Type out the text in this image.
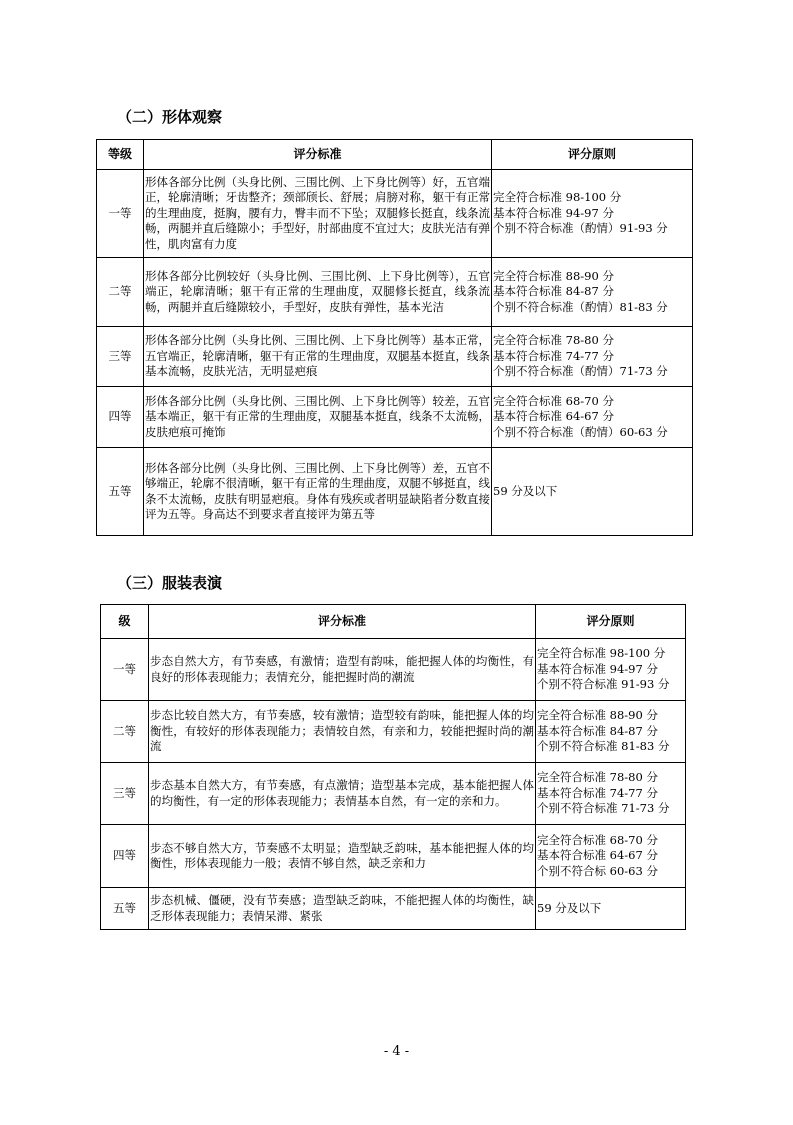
（二）形体观察
等级	评分标准	评分原则
一等	形体各部分比例（头身比例、三围比例、上下身比例等）好，五官端正，轮廓清晰；牙齿整齐；颈部颀长、舒展；肩膀对称，躯干有正常的生理曲度，挺胸，腰有力，臀丰而不下坠；双腿修长挺直，线条流畅，两腿并直后缝隙小；手型好，肘部曲度不宜过大；皮肤光洁有弹性，肌肉富有力度	完全符合标准 98-100 分
基本符合标准 94-97 分
个别不符合标准（酌情）91-93 分

二等	形体各部分比例较好（头身比例、三围比例、上下身比例等），五官端正，轮廓清晰；躯干有正常的生理曲度，双腿修长挺直，线条流畅，两腿并直后缝隙较小，手型好，皮肤有弹性，基本光洁	完全符合标准 88-90 分
基本符合标准 84-87 分
个别不符合标准（酌情）81-83 分

三等	形体各部分比例（头身比例、三围比例、上下身比例等）基本正常，五官端正，轮廓清晰，躯干有正常的生理曲度，双腿基本挺直，线条基本流畅，皮肤光洁，无明显疤痕	完全符合标准 78-80 分
基本符合标准 74-77 分
个别不符合标准（酌情）71-73 分

四等	形体各部分比例（头身比例、三围比例、上下身比例等）较差，五官基本端正，躯干有正常的生理曲度，双腿基本挺直，线条不太流畅，皮肤疤痕可掩饰	完全符合标准 68-70 分
基本符合标准 64-67 分
个别不符合标准（酌情）60-63 分

五等	形体各部分比例（头身比例、三围比例、上下身比例等）差，五官不够端正，轮廓不很清晰，躯干有正常的生理曲度，双腿不够挺直，线条不太流畅，皮肤有明显疤痕。身体有残疾或者明显缺陷者分数直接评为五等。身高达不到要求者直接评为第五等	59 分及以下
（三）服装表演
级	评分标准	评分原则
一等	步态自然大方，有节奏感，有激情；造型有韵味，能把握人体的均衡性，有良好的形体表现能力；表情充分，能把握时尚的潮流	完全符合标准 98-100 分
基本符合标准 94-97 分
个别不符合标准 91-93 分

二等	步态比较自然大方，有节奏感，较有激情；造型较有韵味，能把握人体的均衡性，有较好的形体表现能力；表情较自然，有亲和力，较能把握时尚的潮流	完全符合标准 88-90 分
基本符合标准 84-87 分
个别不符合标准 81-83 分

三等	步态基本自然大方，有节奏感，有点激情；造型基本完成，基本能把握人体的均衡性，有一定的形体表现能力；表情基本自然，有一定的亲和力。	完全符合标准 78-80 分
基本符合标准 74-77 分
个别不符合标准 71-73 分

四等	步态不够自然大方，节奏感不太明显；造型缺乏韵味，基本能把握人体的均衡性，形体表现能力一般；表情不够自然，缺乏亲和力	完全符合标准 68-70 分
基本符合标准 64-67 分
个别不符合标 60-63 分

五等	步态机械、僵硬，没有节奏感；造型缺乏韵味，不能把握人体的均衡性，缺乏形体表现能力；表情呆滞、紧张	59 分及以下
- 4 -
